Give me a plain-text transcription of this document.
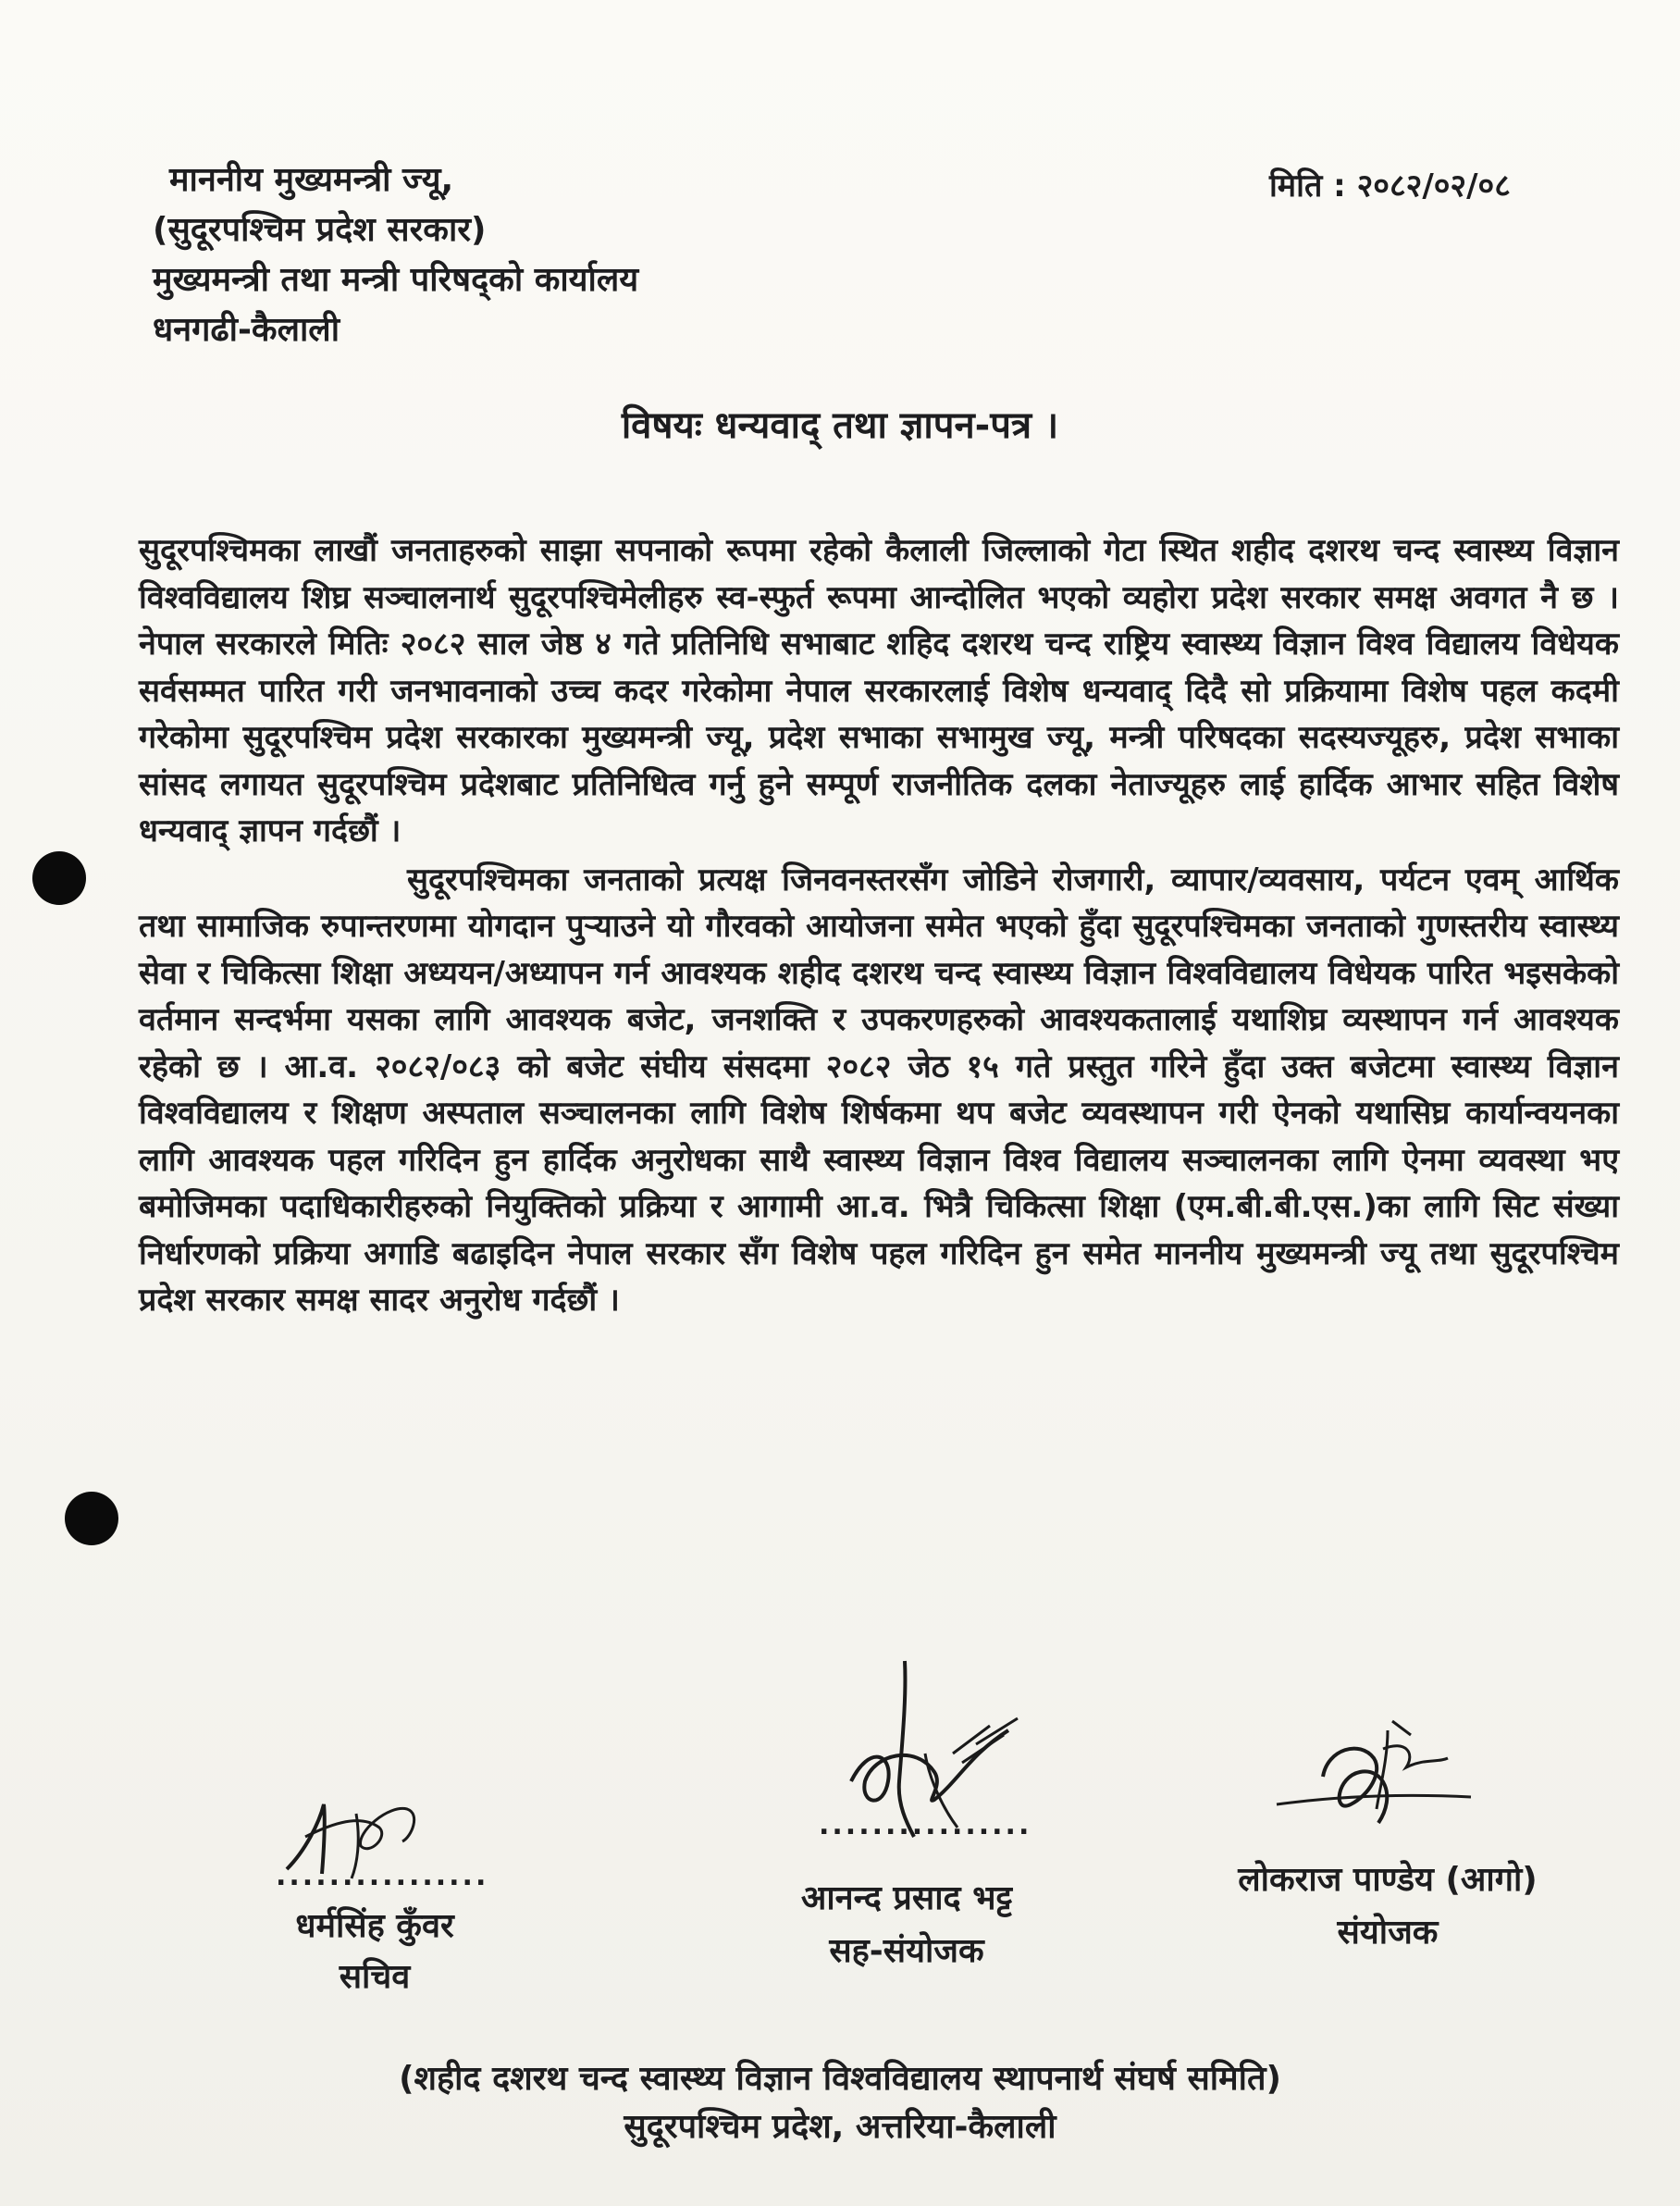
माननीय मुख्यमन्त्री ज्यू,
(सुदूरपश्चिम प्रदेश सरकार)
मुख्यमन्त्री तथा मन्त्री परिषद्को कार्यालय
धनगढी-कैलाली
मिति : २०८२/०२/०८
विषयः धन्यवाद् तथा ज्ञापन-पत्र ।

सुदूरपश्चिमका लाखौं जनताहरुको साझा सपनाको रूपमा रहेको कैलाली जिल्लाको गेटा स्थित शहीद दशरथ चन्द स्वास्थ्य विज्ञान विश्वविद्यालय शिघ्र सञ्चालनार्थ सुदूरपश्चिमेलीहरु स्व-स्फुर्त रूपमा आन्दोलित भएको व्यहोरा प्रदेश सरकार समक्ष अवगत नै छ । नेपाल सरकारले मितिः २०८२ साल जेष्ठ ४ गते प्रतिनिधि सभाबाट शहिद दशरथ चन्द राष्ट्रिय स्वास्थ्य विज्ञान विश्व विद्यालय विधेयक सर्वसम्मत पारित गरी जनभावनाको उच्च कदर गरेकोमा नेपाल सरकारलाई विशेष धन्यवाद् दिदै सो प्रक्रियामा विशेष पहल कदमी गरेकोमा सुदूरपश्चिम प्रदेश सरकारका मुख्यमन्त्री ज्यू, प्रदेश सभाका सभामुख ज्यू, मन्त्री परिषदका सदस्यज्यूहरु, प्रदेश सभाका सांसद लगायत सुदूरपश्चिम प्रदेशबाट प्रतिनिधित्व गर्नु हुने सम्पूर्ण राजनीतिक दलका नेताज्यूहरु लाई हार्दिक आभार सहित विशेष धन्यवाद् ज्ञापन गर्दछौं ।

सुदूरपश्चिमका जनताको प्रत्यक्ष जिनवनस्तरसँग जोडिने रोजगारी, व्यापार/व्यवसाय, पर्यटन एवम् आर्थिक तथा सामाजिक रुपान्तरणमा योगदान पुर्‍याउने यो गौरवको आयोजना समेत भएको हुँदा सुदूरपश्चिमका जनताको गुणस्तरीय स्वास्थ्य सेवा र चिकित्सा शिक्षा अध्ययन/अध्यापन गर्न आवश्यक शहीद दशरथ चन्द स्वास्थ्य विज्ञान विश्वविद्यालय विधेयक पारित भइसकेको वर्तमान सन्दर्भमा यसका लागि आवश्यक बजेट, जनशक्ति र उपकरणहरुको आवश्यकतालाई यथाशिघ्र व्यस्थापन गर्न आवश्यक रहेको छ । आ.व. २०८२/०८३ को बजेट संघीय संसदमा २०८२ जेठ १५ गते प्रस्तुत गरिने हुँदा उक्त बजेटमा स्वास्थ्य विज्ञान विश्वविद्यालय र शिक्षण अस्पताल सञ्चालनका लागि विशेष शिर्षकमा थप बजेट व्यवस्थापन गरी ऐनको यथासिघ्र कार्यान्वयनका लागि आवश्यक पहल गरिदिन हुन हार्दिक अनुरोधका साथै स्वास्थ्य विज्ञान विश्व विद्यालय सञ्चालनका लागि ऐनमा व्यवस्था भए बमोजिमका पदाधिकारीहरुको नियुक्तिको प्रक्रिया र आगामी आ.व. भित्रै चिकित्सा शिक्षा (एम.बी.बी.एस.)का लागि सिट संख्या निर्धारणको प्रक्रिया अगाडि बढाइदिन नेपाल सरकार सँग विशेष पहल गरिदिन हुन समेत माननीय मुख्यमन्त्री ज्यू तथा सुदूरपश्चिम प्रदेश सरकार समक्ष सादर अनुरोध गर्दछौं ।

................
................
धर्मसिंह कुँवर
सचिव
आनन्द प्रसाद भट्ट
सह-संयोजक
लोकराज पाण्डेय (आगो)
संयोजक
(शहीद दशरथ चन्द स्वास्थ्य विज्ञान विश्वविद्यालय स्थापनार्थ संघर्ष समिति)
सुदूरपश्चिम प्रदेश, अत्तरिया-कैलाली
